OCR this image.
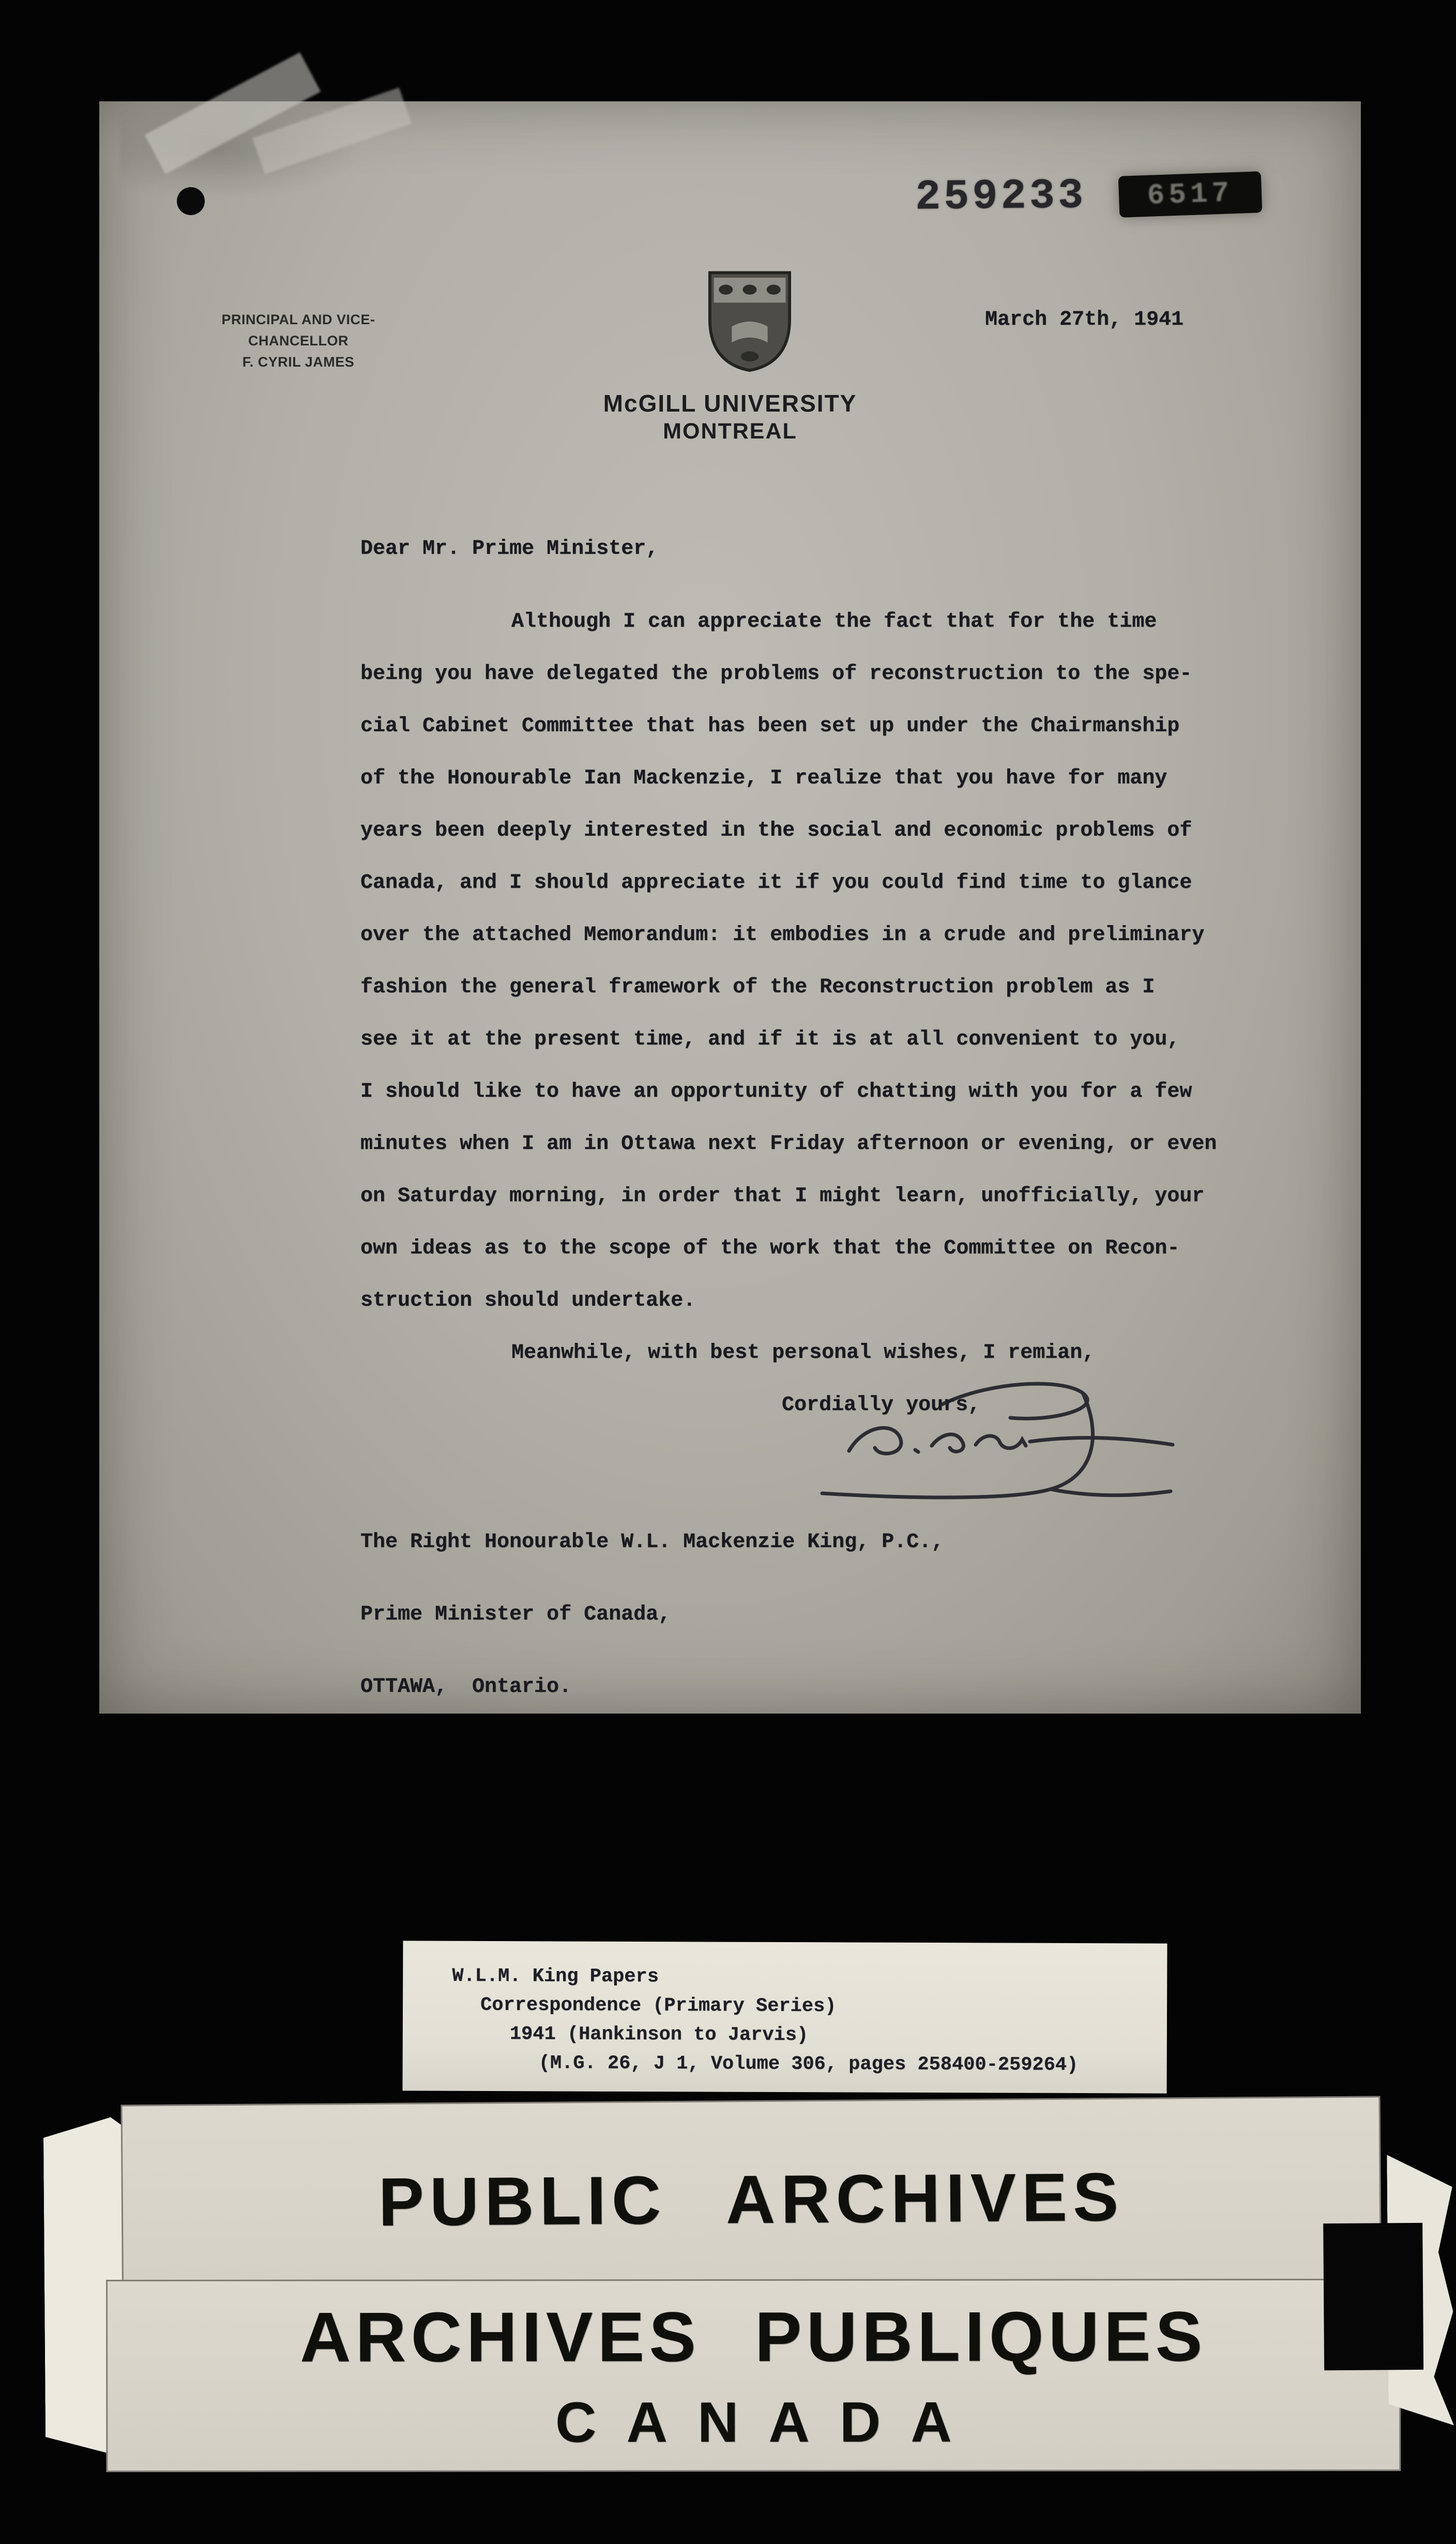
259233 6517
PRINCIPAL AND VICE-CHANCELLOR
F. CYRIL JAMES
March 27th, 1941
McGILL UNIVERSITY
MONTREAL
Dear Mr. Prime Minister,
Although I can appreciate the fact that for the time
being you have delegated the problems of reconstruction to the spe-
cial Cabinet Committee that has been set up under the Chairmanship
of the Honourable Ian Mackenzie, I realize that you have for many
years been deeply interested in the social and economic problems of
Canada, and I should appreciate it if you could find time to glance
over the attached Memorandum: it embodies in a crude and preliminary
fashion the general framework of the Reconstruction problem as I
see it at the present time, and if it is at all convenient to you,
I should like to have an opportunity of chatting with you for a few
minutes when I am in Ottawa next Friday afternoon or evening, or even
on Saturday morning, in order that I might learn, unofficially, your
own ideas as to the scope of the work that the Committee on Recon-
struction should undertake.
Meanwhile, with best personal wishes, I remian,
Cordially yours,

The Right Honourable W.L. Mackenzie King, P.C.,

Prime Minister of Canada,

OTTAWA,  Ontario.

W.L.M. King Papers
Correspondence (Primary Series)
1941 (Hankinson to Jarvis)
(M.G. 26, J 1, Volume 306, pages 258400-259264)
PUBLIC ARCHIVES
ARCHIVES PUBLIQUES
CANADA
